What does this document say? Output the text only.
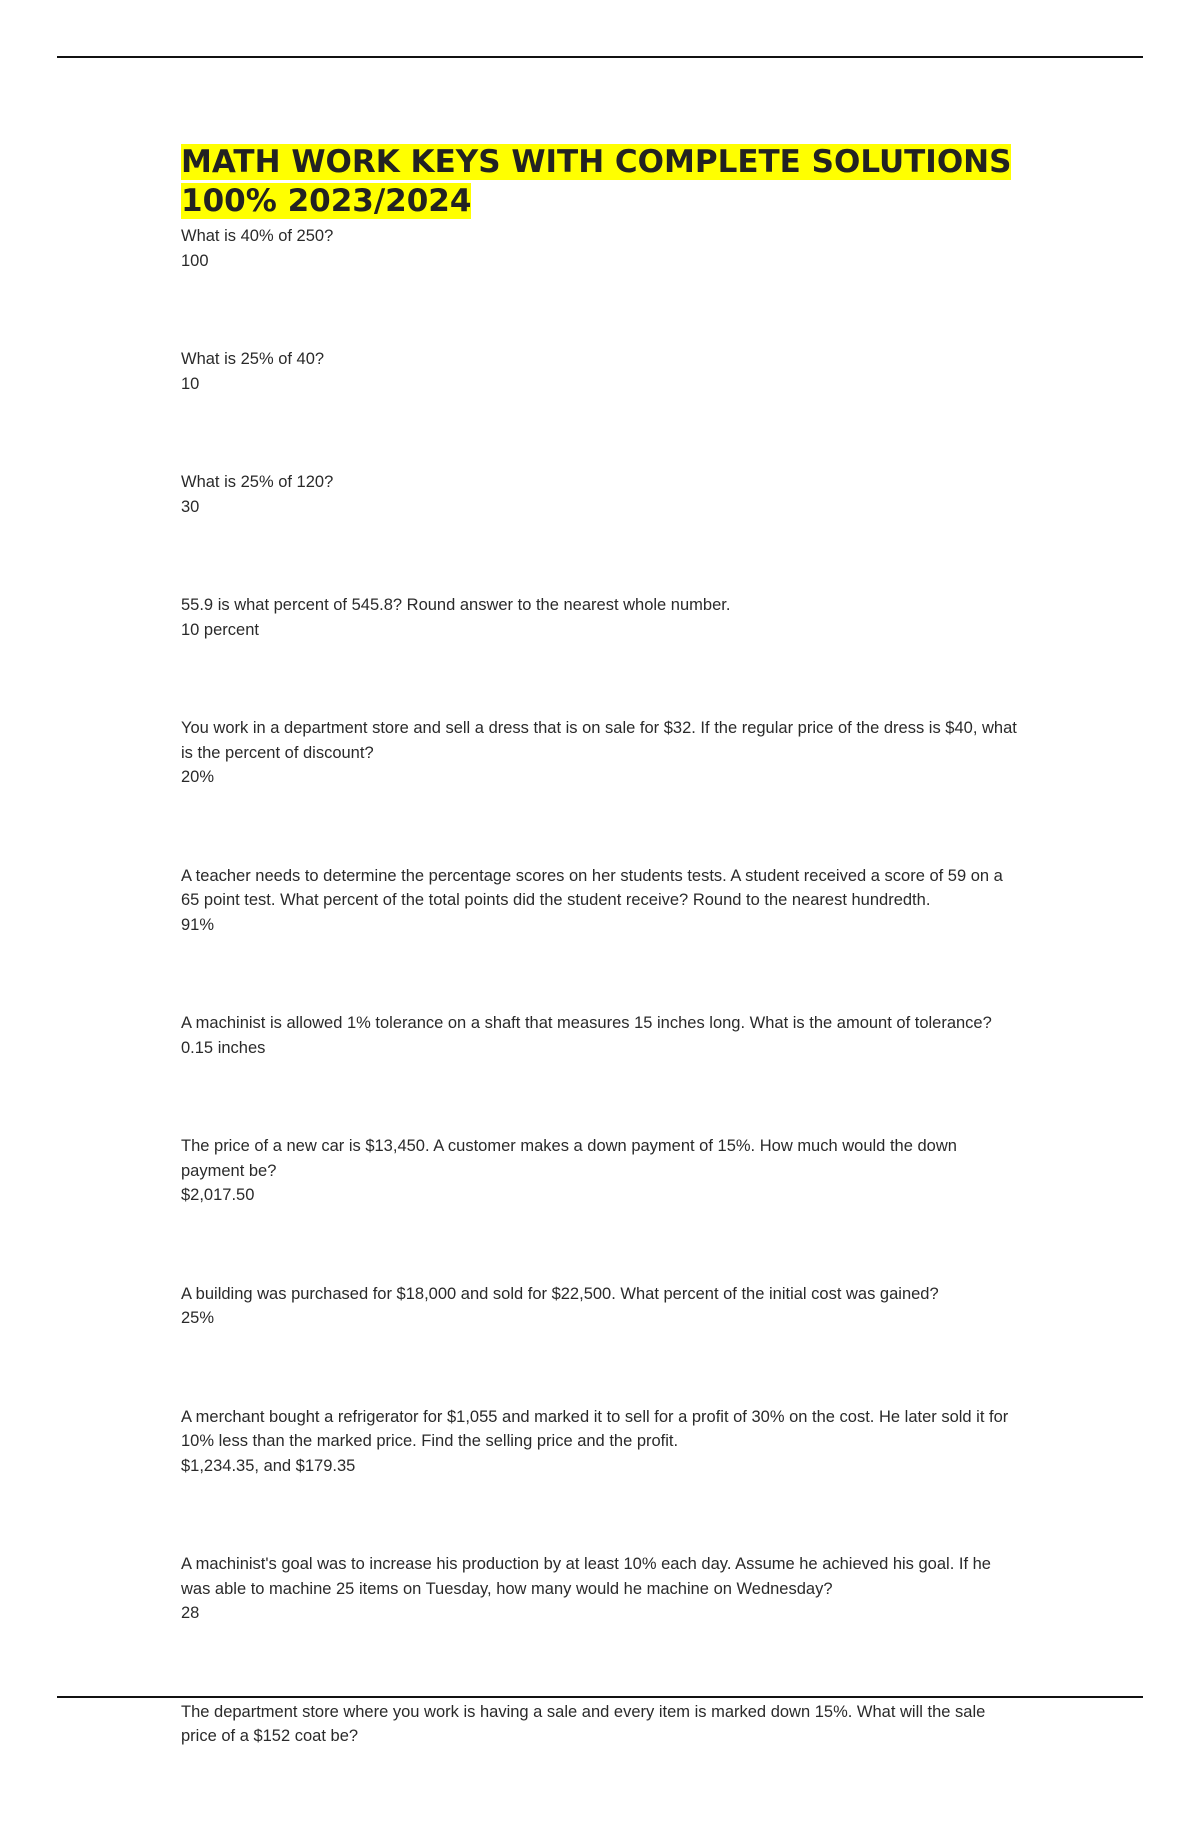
MATH WORK KEYS WITH COMPLETE SOLUTIONS 100% 2023/2024

What is 40% of 250?

100

What is 25% of 40?

10

What is 25% of 120?

30

55.9 is what percent of 545.8? Round answer to the nearest whole number.

10 percent

You work in a department store and sell a dress that is on sale for $32. If the regular price of the dress is $40, what is the percent of discount?

20%

A teacher needs to determine the percentage scores on her students tests. A student received a score of 59 on a 65 point test. What percent of the total points did the student receive? Round to the nearest hundredth.

91%

A machinist is allowed 1% tolerance on a shaft that measures 15 inches long. What is the amount of tolerance?

0.15 inches

The price of a new car is $13,450. A customer makes a down payment of 15%. How much would the down payment be?

$2,017.50

A building was purchased for $18,000 and sold for $22,500. What percent of the initial cost was gained?

25%

A merchant bought a refrigerator for $1,055 and marked it to sell for a profit of 30% on the cost. He later sold it for 10% less than the marked price. Find the selling price and the profit.

$1,234.35, and $179.35

A machinist's goal was to increase his production by at least 10% each day. Assume he achieved his goal. If he was able to machine 25 items on Tuesday, how many would he machine on Wednesday?

28

The department store where you work is having a sale and every item is marked down 15%. What will the sale price of a $152 coat be?
